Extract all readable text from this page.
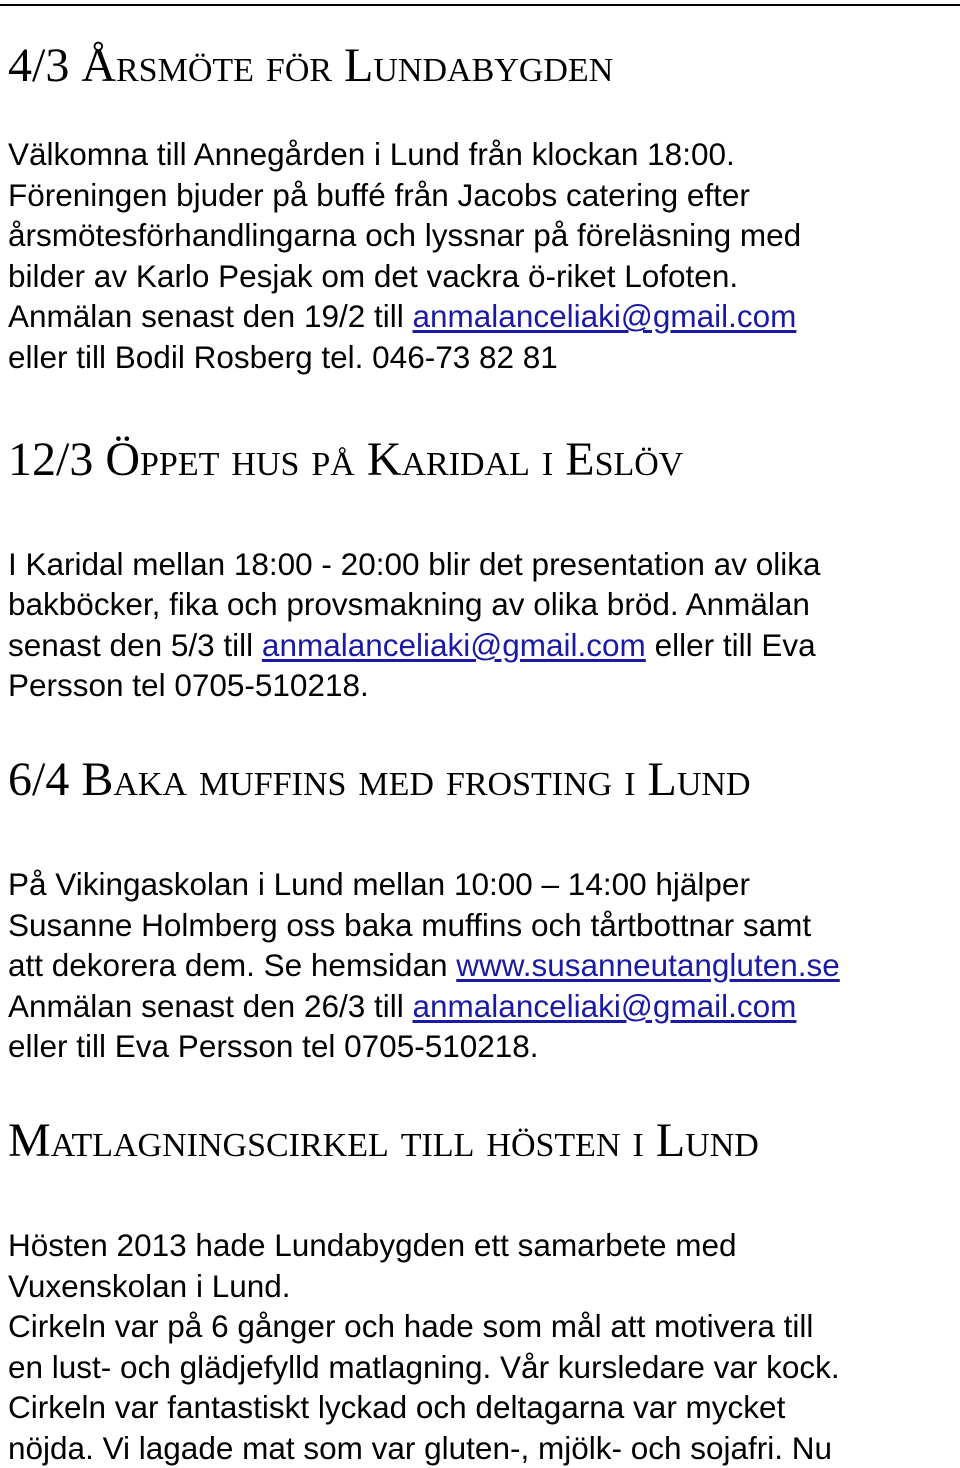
4/3 Årsmöte för Lundabygden

Välkomna till Annegården i Lund från klockan 18:00.
Föreningen bjuder på buffé från Jacobs catering efter
årsmötesförhandlingarna och lyssnar på föreläsning med
bilder av Karlo Pesjak om det vackra ö-riket Lofoten.
Anmälan senast den 19/2 till anmalanceliaki@gmail.com
eller till Bodil Rosberg tel. 046-73 82 81

12/3 Öppet hus på Karidal i Eslöv

I Karidal mellan 18:00 - 20:00 blir det presentation av olika
bakböcker, fika och provsmakning av olika bröd. Anmälan
senast den 5/3 till anmalanceliaki@gmail.com eller till Eva
Persson tel 0705-510218.

6/4 Baka muffins med frosting i Lund

På Vikingaskolan i Lund mellan 10:00 – 14:00 hjälper
Susanne Holmberg oss baka muffins och tårtbottnar samt
att dekorera dem. Se hemsidan www.susanneutangluten.se
Anmälan senast den 26/3 till anmalanceliaki@gmail.com
eller till Eva Persson tel 0705-510218.

Matlagningscirkel till hösten i Lund

Hösten 2013 hade Lundabygden ett samarbete med
Vuxenskolan i Lund.
Cirkeln var på 6 gånger och hade som mål att motivera till
en lust- och glädjefylld matlagning. Vår kursledare var kock.
Cirkeln var fantastiskt lyckad och deltagarna var mycket
nöjda. Vi lagade mat som var gluten-, mjölk- och sojafri. Nu
